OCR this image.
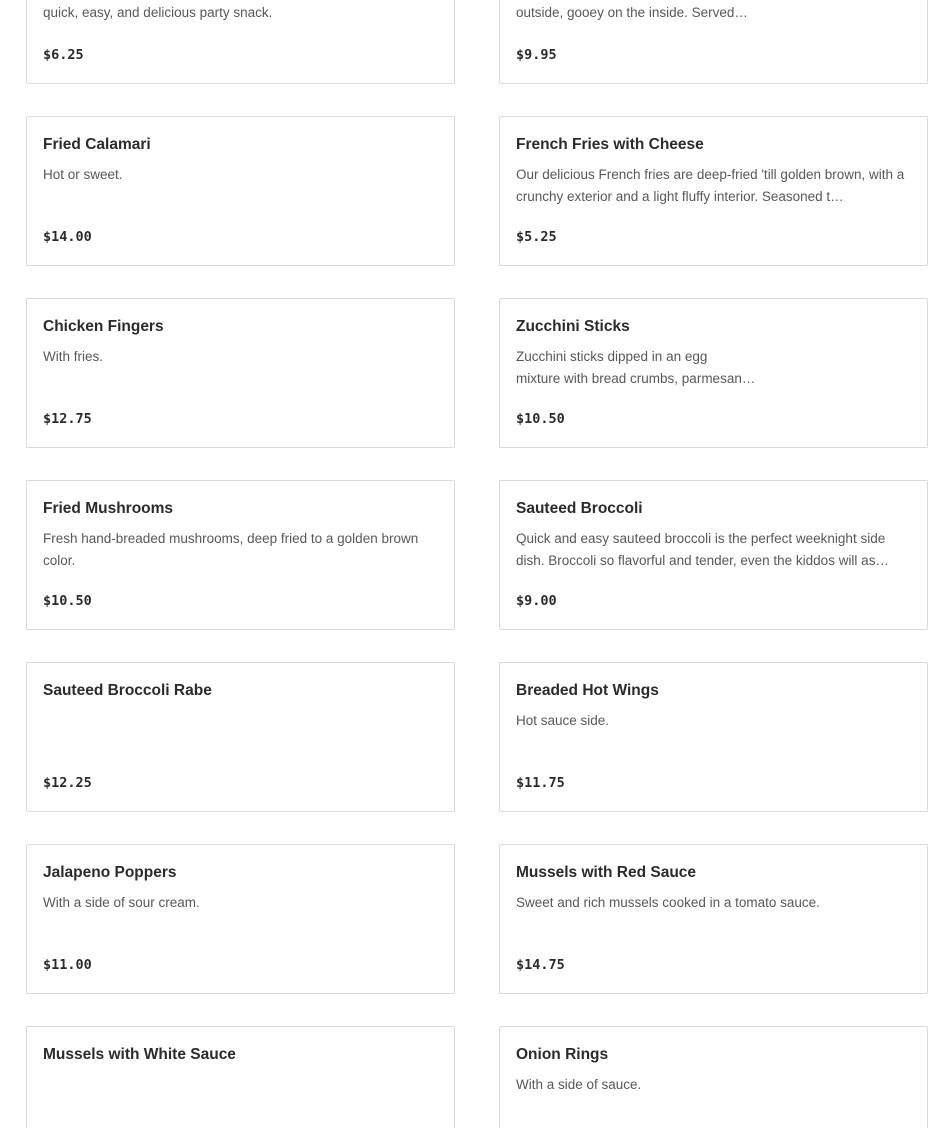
quick, easy, and delicious party snack.
$6.25
outside, gooey on the inside. Served…
$9.95
Fried Calamari
Hot or sweet.
$14.00
French Fries with Cheese
Our delicious French fries are deep-fried 'till golden brown, with a crunchy exterior and a light fluffy interior. Seasoned t…
$5.25
Chicken Fingers
With fries.
$12.75
Zucchini Sticks
Zucchini sticks dipped in an egg
mixture with bread crumbs, parmesan…
$10.50
Fried Mushrooms
Fresh hand-breaded mushrooms, deep fried to a golden brown color.
$10.50
Sauteed Broccoli
Quick and easy sauteed broccoli is the perfect weeknight side dish. Broccoli so flavorful and tender, even the kiddos will as…
$9.00
Sauteed Broccoli Rabe
$12.25
Breaded Hot Wings
Hot sauce side.
$11.75
Jalapeno Poppers
With a side of sour cream.
$11.00
Mussels with Red Sauce
Sweet and rich mussels cooked in a tomato sauce.
$14.75
Mussels with White Sauce	Onion Rings
With a side of sauce.
